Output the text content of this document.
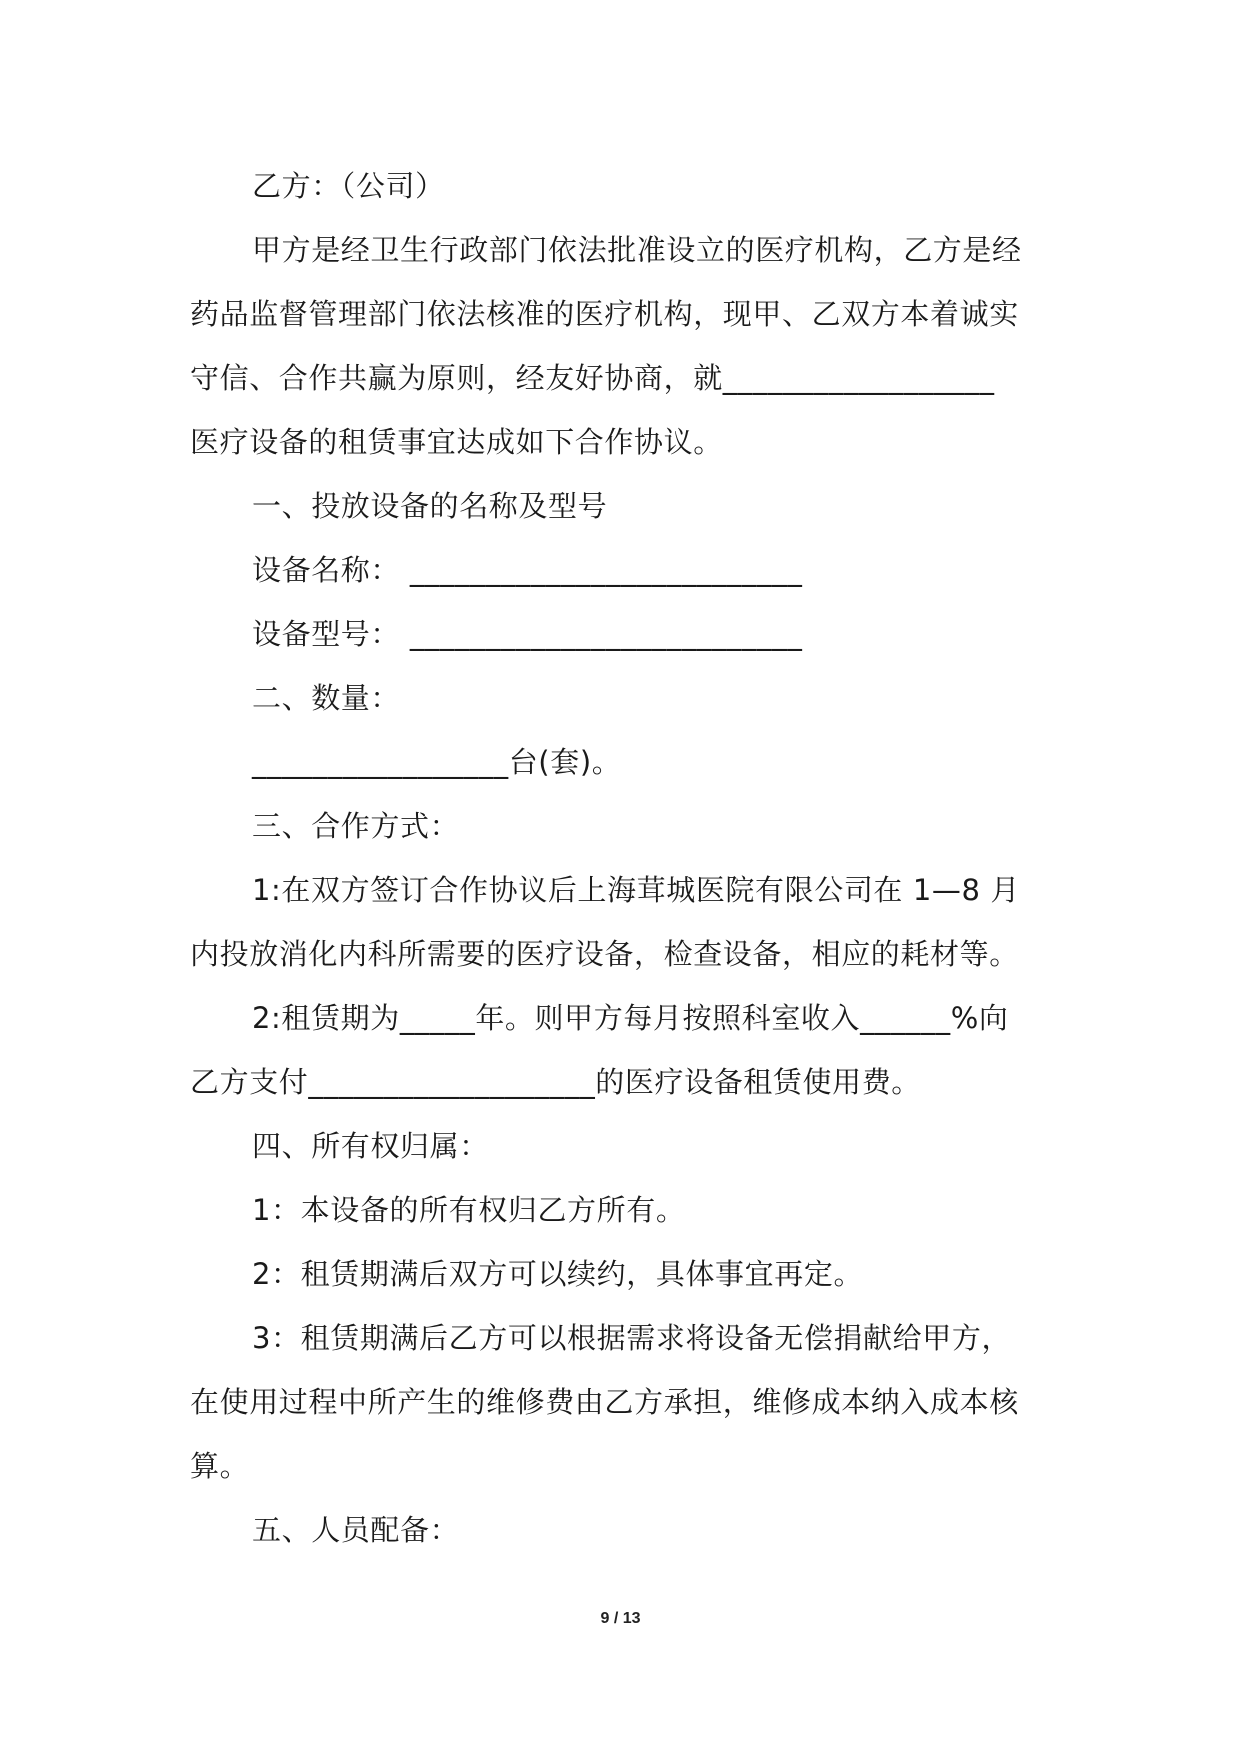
乙方：（公司）
甲方是经卫生行政部门依法批准设立的医疗机构，乙方是经
药品监督管理部门依法核准的医疗机构，现甲、乙双方本着诚实
守信、合作共赢为原则，经友好协商，就__________________
医疗设备的租赁事宜达成如下合作协议。
一、投放设备的名称及型号
设备名称： __________________________
设备型号： __________________________
二、数量：
_________________台(套)。
三、合作方式：
1:在双方签订合作协议后上海茸城医院有限公司在 1—8 月
内投放消化内科所需要的医疗设备，检查设备，相应的耗材等。
2:租赁期为_____年。则甲方每月按照科室收入______%向
乙方支付___________________的医疗设备租赁使用费。
四、所有权归属：
1：本设备的所有权归乙方所有。
2：租赁期满后双方可以续约，具体事宜再定。
3：租赁期满后乙方可以根据需求将设备无偿捐献给甲方，
在使用过程中所产生的维修费由乙方承担，维修成本纳入成本核
算。
五、人员配备：
9 / 13
